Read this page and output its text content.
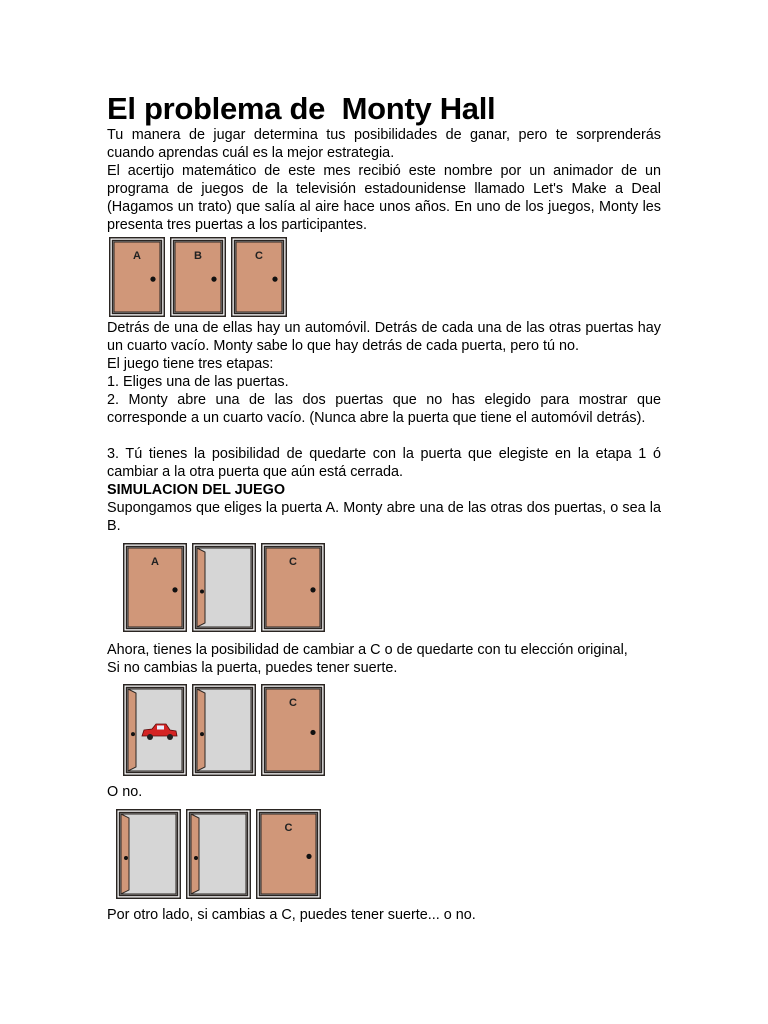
El problema de  Monty Hall

Tu manera de jugar determina tus posibilidades de ganar, pero te sorprenderás cuando aprendas cuál es la mejor estrategia.

El acertijo matemático de este mes recibió este nombre por un animador de un programa de juegos de la televisión estadounidense llamado Let's Make a Deal (Hagamos un trato) que salía al aire hace unos años. En uno de los juegos, Monty les presenta tres puertas a los participantes.

A	B	C

Detrás de una de ellas hay un automóvil. Detrás de cada una de las otras puertas hay un cuarto vacío. Monty sabe lo que hay detrás de cada puerta, pero tú no.

El juego tiene tres etapas:

1. Eliges una de las puertas.

2. Monty abre una de las dos puertas que no has elegido para mostrar que corresponde a un cuarto vacío. (Nunca abre la puerta que tiene el automóvil detrás).

3. Tú tienes la posibilidad de quedarte con la puerta que elegiste en la etapa 1 ó cambiar a la otra puerta que aún está cerrada.

SIMULACION DEL JUEGO

Supongamos que eliges la puerta A. Monty abre una de las otras dos puertas, o sea la B.

A	C

Ahora, tienes la posibilidad de cambiar a C o de quedarte con tu elección original,

Si no cambias la puerta, puedes tener suerte.

C

O no.

C

Por otro lado, si cambias a C, puedes tener suerte... o no.
